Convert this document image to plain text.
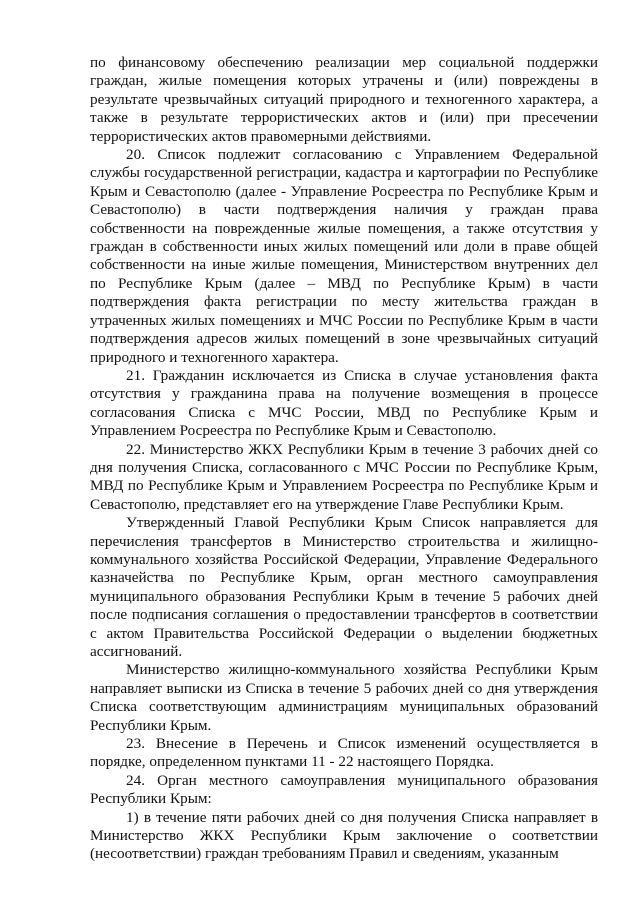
по финансовому обеспечению реализации мер социальной поддержки граждан, жилые помещения которых утрачены и (или) повреждены в результате чрезвычайных ситуаций природного и техногенного характера, а также в результате террористических актов и (или) при пресечении террористических актов правомерными действиями.

20. Список подлежит согласованию с Управлением Федеральной службы государственной регистрации, кадастра и картографии по Республике Крым и Севастополю (далее - Управление Росреестра по Республике Крым и Севастополю) в части подтверждения наличия у граждан права собственности на поврежденные жилые помещения, а также отсутствия у граждан в собственности иных жилых помещений или доли в праве общей собственности на иные жилые помещения, Министерством внутренних дел по Республике Крым (далее – МВД по Республике Крым) в части подтверждения факта регистрации по месту жительства граждан в утраченных жилых помещениях и МЧС России по Республике Крым в части подтверждения адресов жилых помещений в зоне чрезвычайных ситуаций природного и техногенного характера.

21. Гражданин исключается из Списка в случае установления факта отсутствия у гражданина права на получение возмещения в процессе согласования Списка с МЧС России, МВД по Республике Крым и Управлением Росреестра по Республике Крым и Севастополю.

22. Министерство ЖКХ Республики Крым в течение 3 рабочих дней со дня получения Списка, согласованного с МЧС России по Республике Крым, МВД по Республике Крым и Управлением Росреестра по Республике Крым и Севастополю, представляет его на утверждение Главе Республики Крым.

Утвержденный Главой Республики Крым Список направляется для перечисления трансфертов в Министерство строительства и жилищно-коммунального хозяйства Российской Федерации, Управление Федерального казначейства по Республике Крым, орган местного самоуправления муниципального образования Республики Крым в течение 5 рабочих дней после подписания соглашения о предоставлении трансфертов в соответствии с актом Правительства Российской Федерации о выделении бюджетных ассигнований.

Министерство жилищно-коммунального хозяйства Республики Крым направляет выписки из Списка в течение 5 рабочих дней со дня утверждения Списка соответствующим администрациям муниципальных образований Республики Крым.

23. Внесение в Перечень и Список изменений осуществляется в порядке, определенном пунктами 11 - 22 настоящего Порядка.

24. Орган местного самоуправления муниципального образования Республики Крым:

1) в течение пяти рабочих дней со дня получения Списка направляет в Министерство ЖКХ Республики Крым заключение о соответствии (несоответствии) граждан требованиям Правил и сведениям, указанным
